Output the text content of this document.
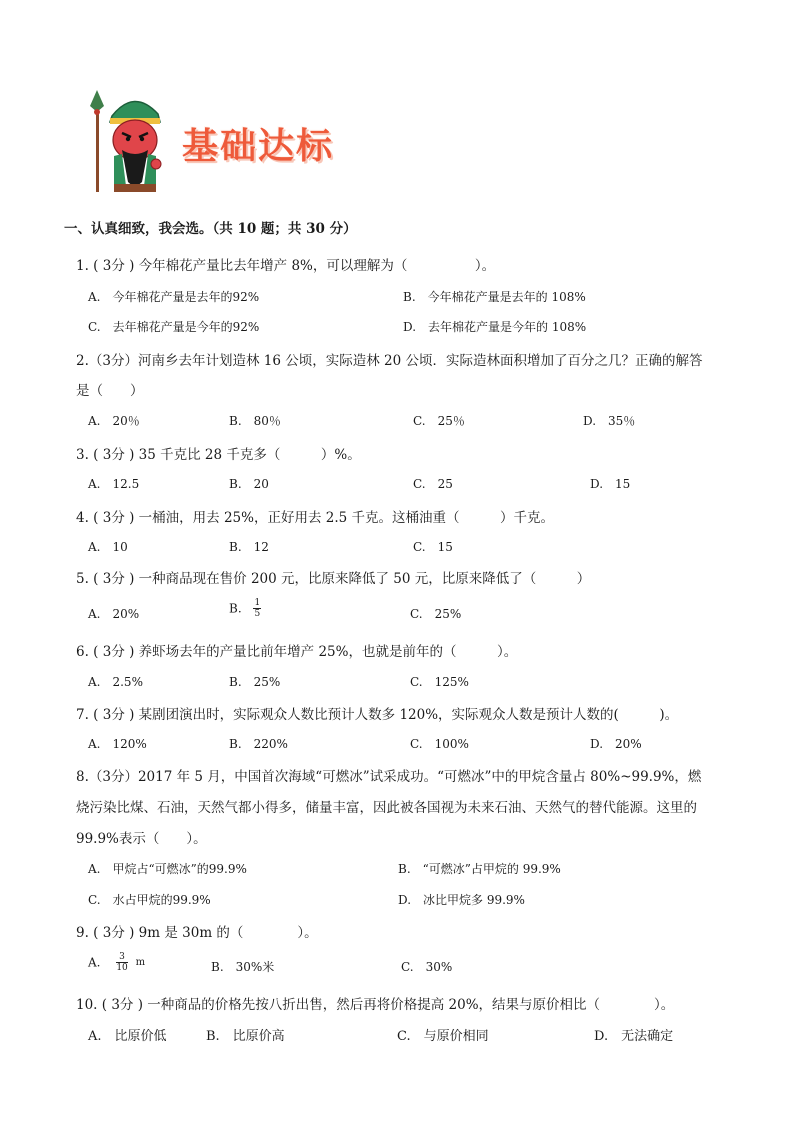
基础达标
一、认真细致，我会选。（共 10 题；共 30 分）
1. ( 3分 ) 今年棉花产量比去年增产 8%，可以理解为（　　　　　）。
A.　今年棉花产量是去年的92%	B.　今年棉花产量是去年的 108%
C.　去年棉花产量是今年的92%	D.　去年棉花产量是今年的 108%
2.（3分）河南乡去年计划造林 16 公顷，实际造林 20 公顷．实际造林面积增加了百分之几？正确的解答
是（　　）
A.　20％	B.　80％	C.　25％	D.　35％
3. ( 3分 ) 35 千克比 28 千克多（　　　）%。
A.　12.5	B.　20	C.　25	D.　15
4. ( 3分 ) 一桶油，用去 25%，正好用去 2.5 千克。这桶油重（　　　）千克。
A.　10	B.　12	C.　15
5. ( 3分 ) 一种商品现在售价 200 元，比原来降低了 50 元，比原来降低了（　　　）
A.　20%	B. $\frac{1}{5}$	C.　25%
6. ( 3分 ) 养虾场去年的产量比前年增产 25%，也就是前年的（　　　）。
A.　2.5%	B.　25%	C.　125%
7. ( 3分 ) 某剧团演出时，实际观众人数比预计人数多 120%，实际观众人数是预计人数的(　　　)。
A.　120%	B.　220%	C.　100%	D.　20%
8.（3分）2017 年 5 月，中国首次海域“可燃冰”试采成功。“可燃冰”中的甲烷含量占 80%~99.9%，燃
烧污染比煤、石油，天然气都小得多，储量丰富，因此被各国视为未来石油、天然气的替代能源。这里的
99.9%表示（　　）。
A.　甲烷占“可燃冰”的99.9%	B.　“可燃冰”占甲烷的 99.9%
C.　水占甲烷的99.9%	D.　冰比甲烷多 99.9%
9. ( 3分 ) 9m 是 30m 的（　　　　）。
A. $\frac{3}{10}$ m	B.　30%米	C.　30%
10. ( 3分 ) 一种商品的价格先按八折出售，然后再将价格提高 20%，结果与原价相比（　　　　）。
A.　比原价低	B.　比原价高	C.　与原价相同	D.　无法确定
